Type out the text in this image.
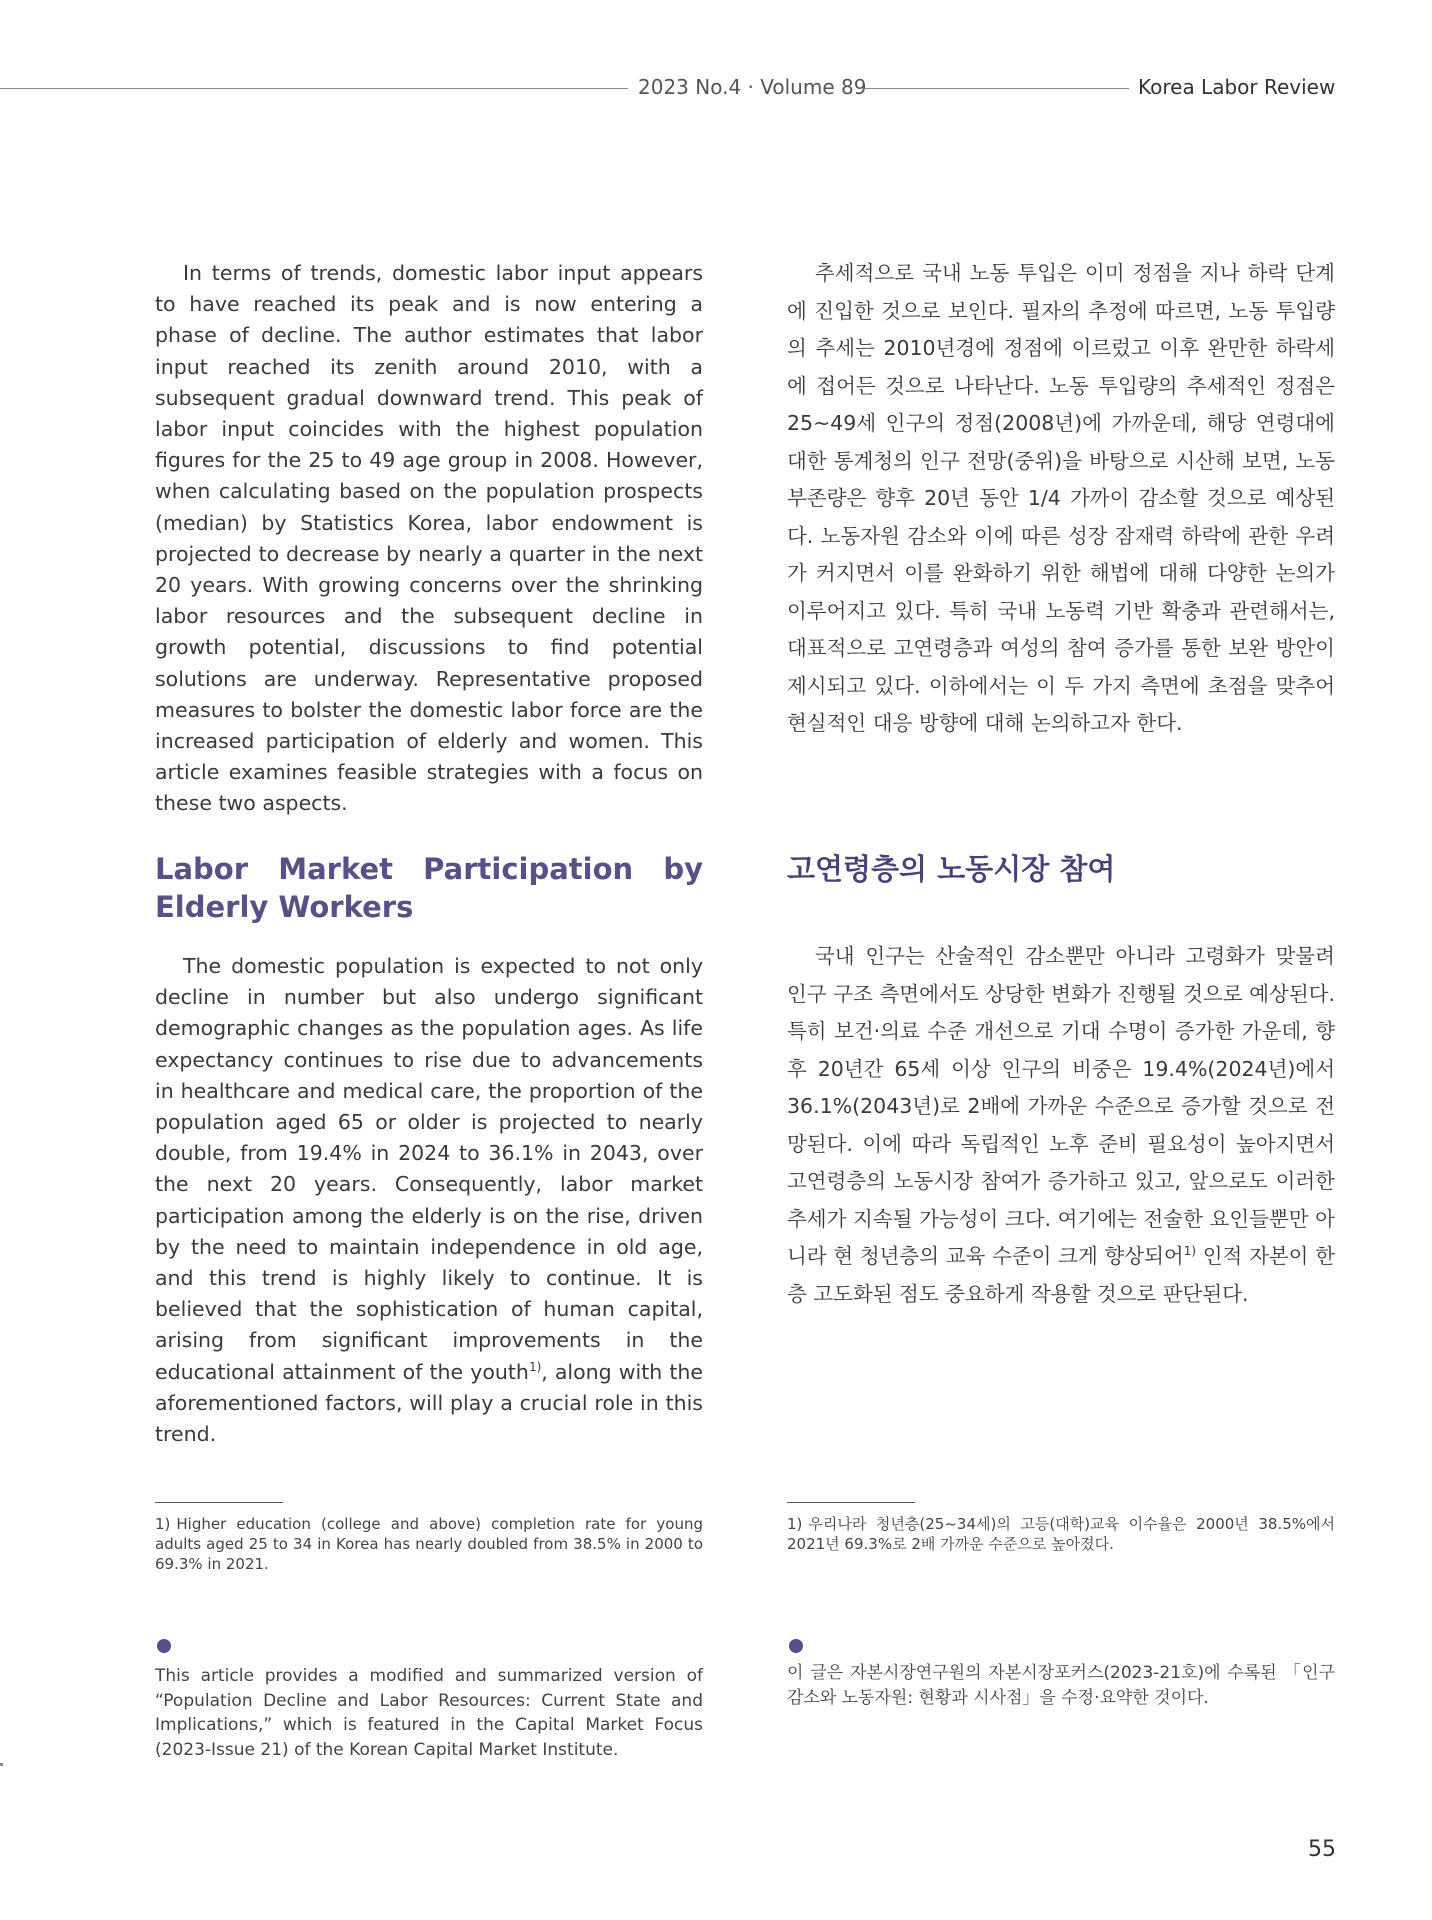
2023 No.4 · Volume 89	Korea Labor Review

In terms of trends, domestic labor input appears to have reached its peak and is now entering a phase of decline. The author estimates that labor input reached its zenith around 2010, with a subsequent gradual downward trend. This peak of labor input coincides with the highest population figures for the 25 to 49 age group in 2008. However, when calculating based on the population prospects (median) by Statistics Korea, labor endowment is projected to decrease by nearly a quarter in the next 20 years. With growing concerns over the shrinking labor resources and the subsequent decline in growth potential, discussions to find potential solutions are underway. Representative proposed measures to bolster the domestic labor force are the increased participation of elderly and women. This article examines feasible strategies with a focus on these two aspects.

추세적으로 국내 노동 투입은 이미 정점을 지나 하락 단계에 진입한 것으로 보인다. 필자의 추정에 따르면, 노동 투입량의 추세는 2010년경에 정점에 이르렀고 이후 완만한 하락세에 접어든 것으로 나타난다. 노동 투입량의 추세적인 정점은 25~49세 인구의 정점(2008년)에 가까운데, 해당 연령대에 대한 통계청의 인구 전망(중위)을 바탕으로 시산해 보면, 노동 부존량은 향후 20년 동안 1/4 가까이 감소할 것으로 예상된다. 노동자원 감소와 이에 따른 성장 잠재력 하락에 관한 우려가 커지면서 이를 완화하기 위한 해법에 대해 다양한 논의가 이루어지고 있다. 특히 국내 노동력 기반 확충과 관련해서는, 대표적으로 고연령층과 여성의 참여 증가를 통한 보완 방안이 제시되고 있다. 이하에서는 이 두 가지 측면에 초점을 맞추어 현실적인 대응 방향에 대해 논의하고자 한다.

Labor Market Participation by Elderly Workers
고연령층의 노동시장 참여

The domestic population is expected to not only decline in number but also undergo significant demographic changes as the population ages. As life expectancy continues to rise due to advancements in healthcare and medical care, the proportion of the population aged 65 or older is projected to nearly double, from 19.4% in 2024 to 36.1% in 2043, over the next 20 years. Consequently, labor market participation among the elderly is on the rise, driven by the need to maintain independence in old age, and this trend is highly likely to continue. It is believed that the sophistication of human capital, arising from significant improvements in the educational attainment of the youth$^{1)}$, along with the aforementioned factors, will play a crucial role in this trend.

국내 인구는 산술적인 감소뿐만 아니라 고령화가 맞물려 인구 구조 측면에서도 상당한 변화가 진행될 것으로 예상된다. 특히 보건·의료 수준 개선으로 기대 수명이 증가한 가운데, 향후 20년간 65세 이상 인구의 비중은 19.4%(2024년)에서 36.1%(2043년)로 2배에 가까운 수준으로 증가할 것으로 전망된다. 이에 따라 독립적인 노후 준비 필요성이 높아지면서 고연령층의 노동시장 참여가 증가하고 있고, 앞으로도 이러한 추세가 지속될 가능성이 크다. 여기에는 전술한 요인들뿐만 아니라 현 청년층의 교육 수준이 크게 향상되어$^{1)}$ 인적 자본이 한층 고도화된 점도 중요하게 작용할 것으로 판단된다.

1) Higher education (college and above) completion rate for young adults aged 25 to 34 in Korea has nearly doubled from 38.5% in 2000 to 69.3% in 2021.

1) 우리나라 청년층(25~34세)의 고등(대학)교육 이수율은 2000년 38.5%에서 2021년 69.3%로 2배 가까운 수준으로 높아졌다.

This article provides a modified and summarized version of “Population Decline and Labor Resources: Current State and Implications,” which is featured in the Capital Market Focus (2023-Issue 21) of the Korean Capital Market Institute.

이 글은 자본시장연구원의 자본시장포커스(2023-21호)에 수록된 「인구 감소와 노동자원: 현황과 시사점」을 수정·요약한 것이다.

55
